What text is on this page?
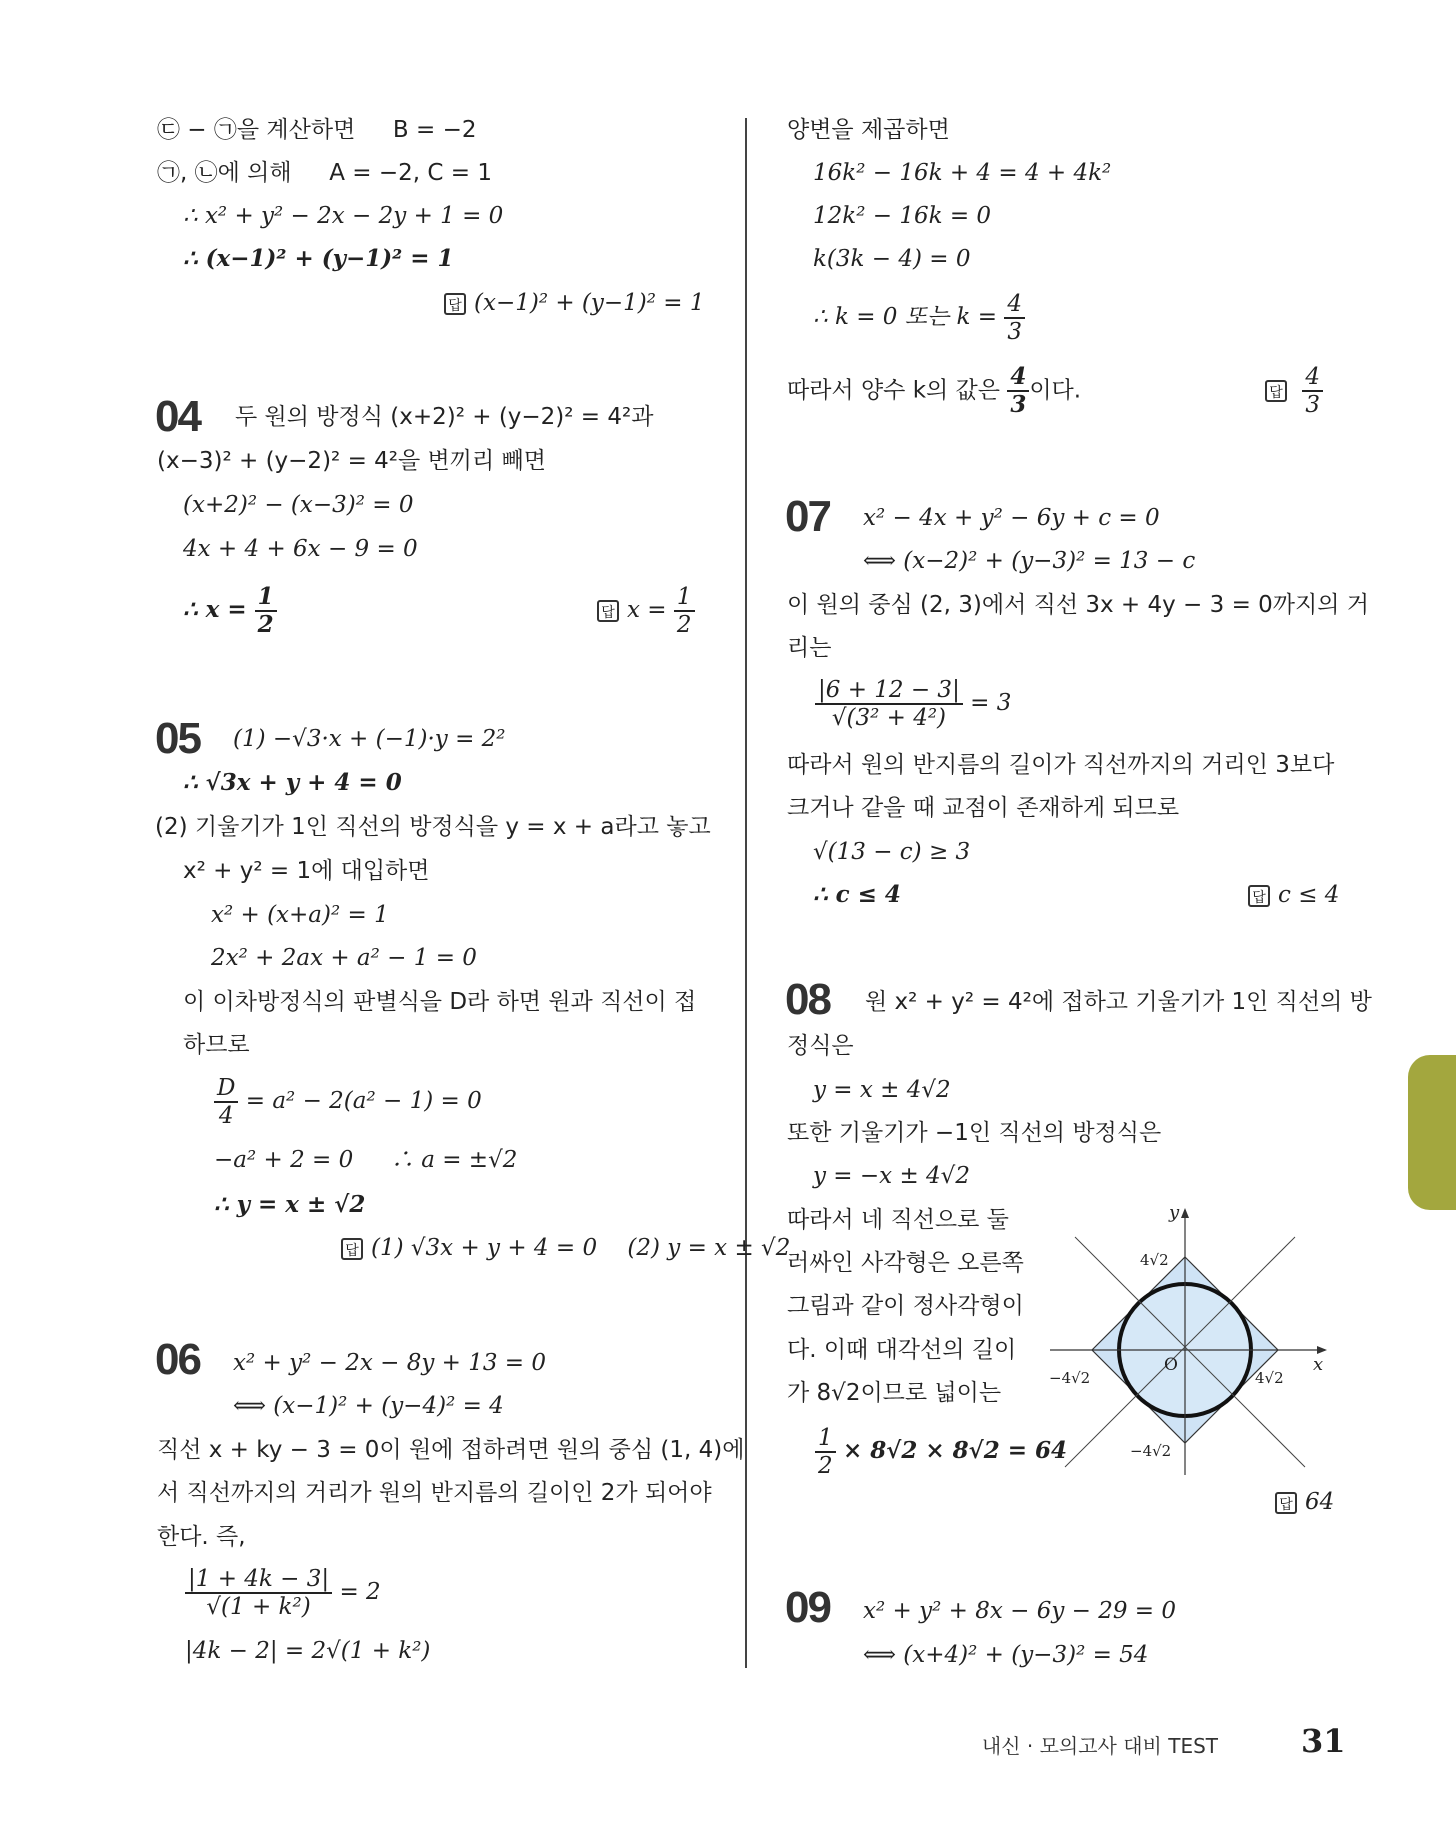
㉢ − ㉠을 계산하면 　 B = −2
㉠, ㉡에 의해 　 A = −2, C = 1
∴ x² + y² − 2x − 2y + 1 = 0
∴ (x−1)² + (y−1)² = 1
답 (x−1)² + (y−1)² = 1
04 두 원의 방정식 (x+2)² + (y−2)² = 4²과
(x−3)² + (y−2)² = 4²을 변끼리 빼면
(x+2)² − (x−3)² = 0
4x + 4 + 6x − 9 = 0
∴ $x = \frac{1}{2}$	답 $x = \frac{1}{2}$
05 (1) −√3·x + (−1)·y = 2²
∴ √3x + y + 4 = 0
(2) 기울기가 1인 직선의 방정식을 y = x + a라고 놓고
x² + y² = 1에 대입하면
x² + (x+a)² = 1
2x² + 2ax + a² − 1 = 0
이 이차방정식의 판별식을 D라 하면 원과 직선이 접
하므로
$\frac{D}{4} = a^2 - 2(a^2 - 1) = 0$
−a² + 2 = 0 　 ∴ a = ±√2
∴ y = x ± √2
답 (1) √3x + y + 4 = 0 　(2) y = x ± √2
06 x² + y² − 2x − 8y + 13 = 0
⟺ (x−1)² + (y−4)² = 4
직선 x + ky − 3 = 0이 원에 접하려면 원의 중심 (1, 4)에
서 직선까지의 거리가 원의 반지름의 길이인 2가 되어야
한다. 즉,
$\frac{|1 + 4k - 3|}{\text{√(1 + k²)}} = 2$
|4k − 2| = 2√(1 + k²)
양변을 제곱하면
16k² − 16k + 4 = 4 + 4k²
12k² − 16k = 0
k(3k − 4) = 0
∴ k = 0 또는 $k = \frac{4}{3}$
따라서 양수 k의 값은 $\frac{4}{3}$ 이다.	답 $\frac{4}{3}$
07 x² − 4x + y² − 6y + c = 0
⟺ (x−2)² + (y−3)² = 13 − c
이 원의 중심 (2, 3)에서 직선 3x + 4y − 3 = 0까지의 거
리는
$\frac{|6 + 12 - 3|}{\text{√(3² + 4²)}} = 3$
따라서 원의 반지름의 길이가 직선까지의 거리인 3보다
크거나 같을 때 교점이 존재하게 되므로
√(13 − c) ≥ 3
∴ c ≤ 4	답 c ≤ 4
08 원 x² + y² = 4²에 접하고 기울기가 1인 직선의 방
정식은
y = x ± 4√2
또한 기울기가 −1인 직선의 방정식은
y = −x ± 4√2
따라서 네 직선으로 둘
러싸인 사각형은 오른쪽
그림과 같이 정사각형이
다. 이때 대각선의 길이
가 8√2이므로 넓이는
$\frac{1}{2} \times 8√2 \times 8√2 = 64$
답 64
y
x
O
4√2
−4√2
−4√2	4√2
09 x² + y² + 8x − 6y − 29 = 0
⟺ (x+4)² + (y−3)² = 54
내신 · 모의고사 대비 TEST	31
